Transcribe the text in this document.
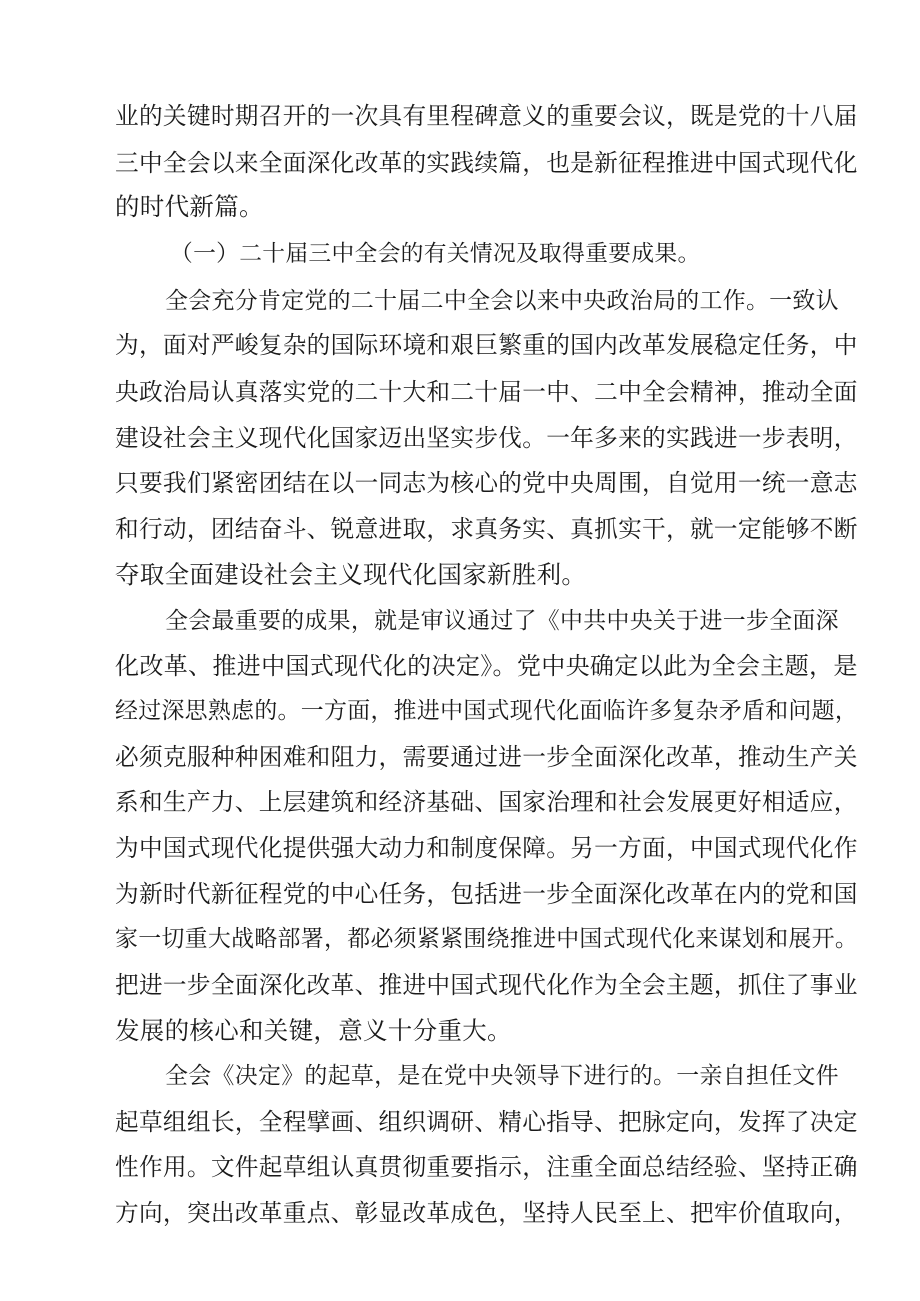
业的关键时期召开的一次具有里程碑意义的重要会议，既是党的十八届
三中全会以来全面深化改革的实践续篇，也是新征程推进中国式现代化
的时代新篇。
（一）二十届三中全会的有关情况及取得重要成果。
全会充分肯定党的二十届二中全会以来中央政治局的工作。一致认
为，面对严峻复杂的国际环境和艰巨繁重的国内改革发展稳定任务，中
央政治局认真落实党的二十大和二十届一中、二中全会精神，推动全面
建设社会主义现代化国家迈出坚实步伐。一年多来的实践进一步表明，
只要我们紧密团结在以一同志为核心的党中央周围，自觉用一统一意志
和行动，团结奋斗、锐意进取，求真务实、真抓实干，就一定能够不断
夺取全面建设社会主义现代化国家新胜利。
全会最重要的成果，就是审议通过了《中共中央关于进一步全面深
化改革、推进中国式现代化的决定》。党中央确定以此为全会主题，是
经过深思熟虑的。一方面，推进中国式现代化面临许多复杂矛盾和问题，
必须克服种种困难和阻力，需要通过进一步全面深化改革，推动生产关
系和生产力、上层建筑和经济基础、国家治理和社会发展更好相适应，
为中国式现代化提供强大动力和制度保障。另一方面，中国式现代化作
为新时代新征程党的中心任务，包括进一步全面深化改革在内的党和国
家一切重大战略部署，都必须紧紧围绕推进中国式现代化来谋划和展开。
把进一步全面深化改革、推进中国式现代化作为全会主题，抓住了事业
发展的核心和关键，意义十分重大。
全会《决定》的起草，是在党中央领导下进行的。一亲自担任文件
起草组组长，全程擘画、组织调研、精心指导、把脉定向，发挥了决定
性作用。文件起草组认真贯彻重要指示，注重全面总结经验、坚持正确
方向，突出改革重点、彰显改革成色，坚持人民至上、把牢价值取向，
